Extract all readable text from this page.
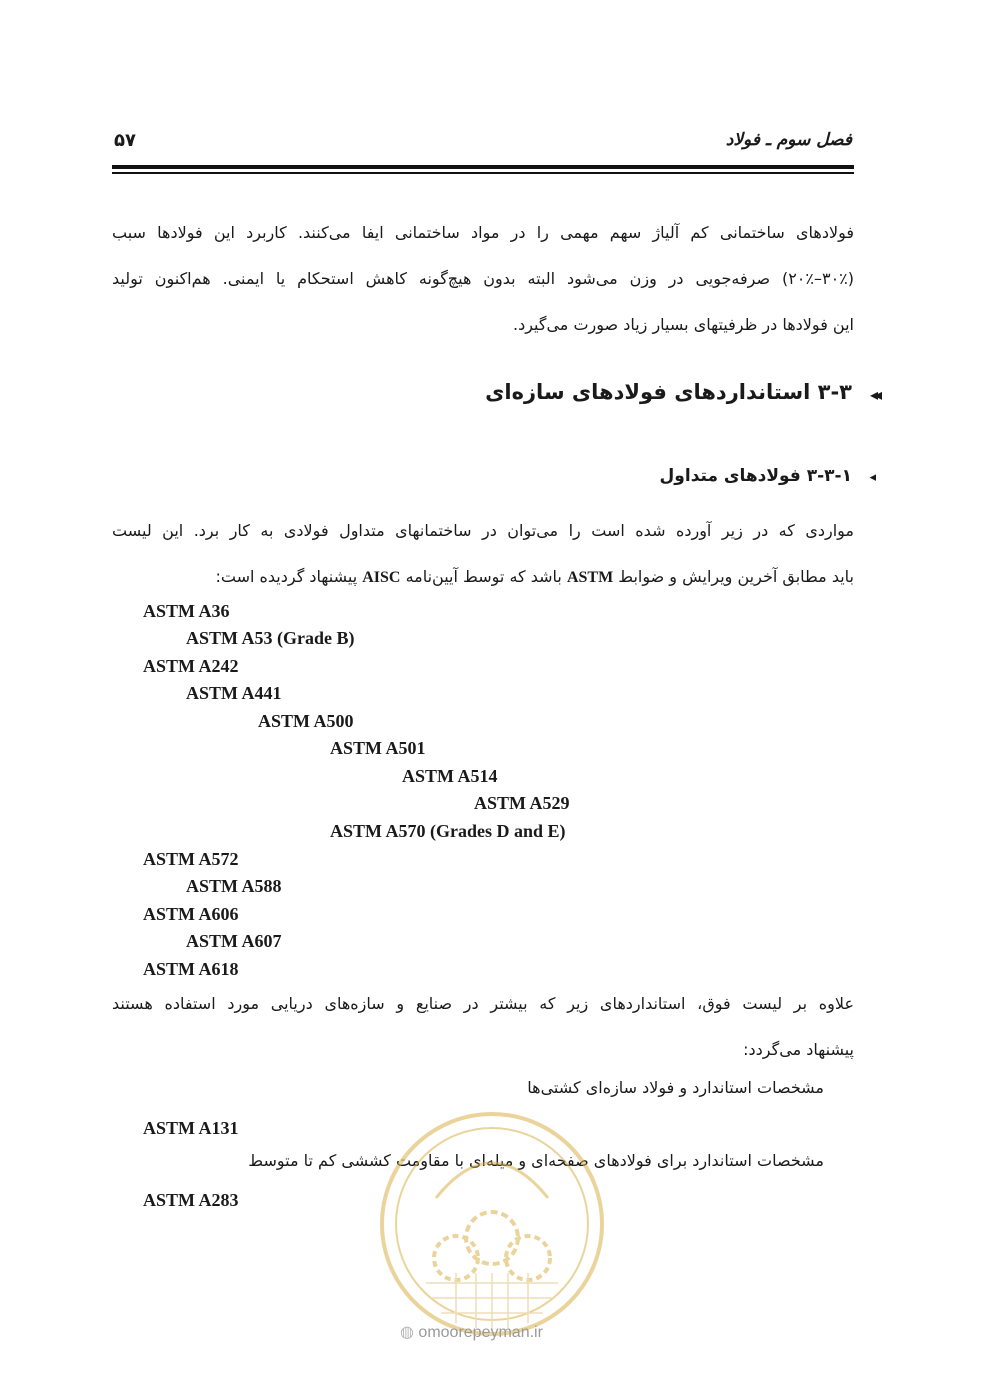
فصل سوم ـ فولاد
۵۷
فولادهای ساختمانی کم آلیاژ سهم مهمی را در مواد ساختمانی ایفا می‌کنند. کاربرد این فولادها سبب
(۳۰٪–۲۰٪) صرفه‌جویی در وزن می‌شود البته بدون هیچ‌گونه کاهش استحکام یا ایمنی. هم‌اکنون تولید
این فولادها در ظرفیتهای بسیار زیاد صورت می‌گیرد.
◂◂
۳-۳ استانداردهای فولادهای سازه‌ای
◂
۳-۳-۱ فولادهای متداول
مواردی که در زیر آورده شده است را می‌توان در ساختمانهای متداول فولادی به کار برد. این لیست
باید مطابق آخرین ویرایش و ضوابط ASTM باشد که توسط آیین‌نامه AISC پیشنهاد گردیده است:
ASTM A36
ASTM A53 (Grade B)
ASTM A242
ASTM A441
ASTM A500
ASTM A501
ASTM A514
ASTM A529
ASTM A570 (Grades D and E)
ASTM A572
ASTM A588
ASTM A606
ASTM A607
ASTM A618
علاوه بر لیست فوق، استانداردهای زیر که بیشتر در صنایع و سازه‌های دریایی مورد استفاده هستند
پیشنهاد می‌گردد:
مشخصات استاندارد و فولاد سازه‌ای کشتی‌ها
ASTM A131
مشخصات استاندارد برای فولادهای صفحه‌ای و میله‌ای با مقاومت کششی کم تا متوسط
ASTM A283
◍ omoorepeyman.ir
